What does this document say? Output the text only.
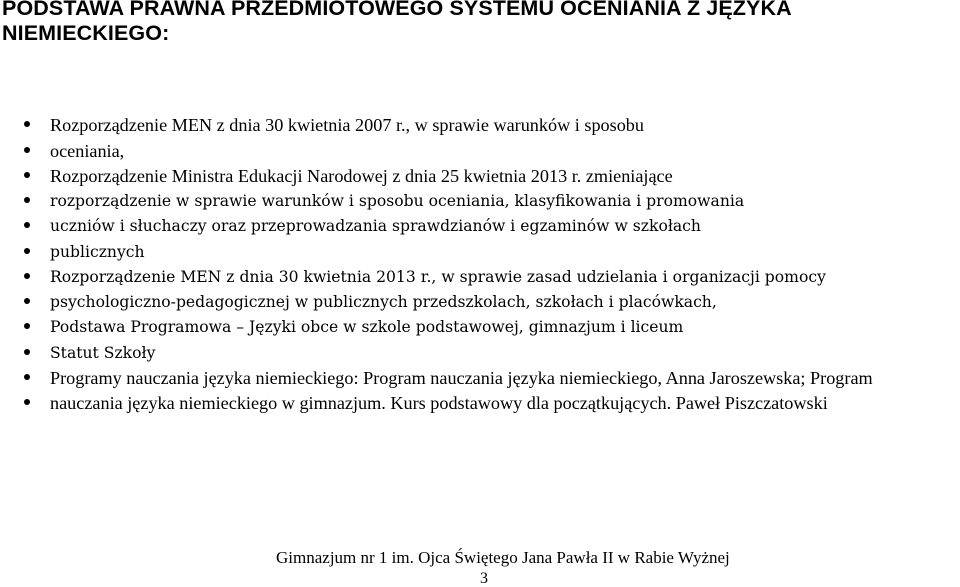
PODSTAWA PRAWNA PRZEDMIOTOWEGO SYSTEMU OCENIANIA Z JĘZYKA
NIEMIECKIEGO:
Rozporządzenie MEN z dnia 30 kwietnia 2007 r., w sprawie warunków i sposobu
oceniania,
Rozporządzenie Ministra Edukacji Narodowej z dnia 25 kwietnia 2013 r. zmieniające
rozporządzenie w sprawie warunków i sposobu oceniania, klasyfikowania i promowania
uczniów i słuchaczy oraz przeprowadzania sprawdzianów i egzaminów w szkołach
publicznych
Rozporządzenie MEN z dnia 30 kwietnia 2013 r., w sprawie zasad udzielania i organizacji pomocy
psychologiczno-pedagogicznej w publicznych przedszkolach, szkołach i placówkach,
Podstawa Programowa – Języki obce w szkole podstawowej, gimnazjum i liceum
Statut Szkoły
Programy nauczania języka niemieckiego: Program nauczania języka niemieckiego, Anna Jaroszewska; Program
nauczania języka niemieckiego w gimnazjum. Kurs podstawowy dla początkujących. Paweł Piszczatowski
Gimnazjum nr 1 im. Ojca Świętego Jana Pawła II w Rabie Wyżnej
3
